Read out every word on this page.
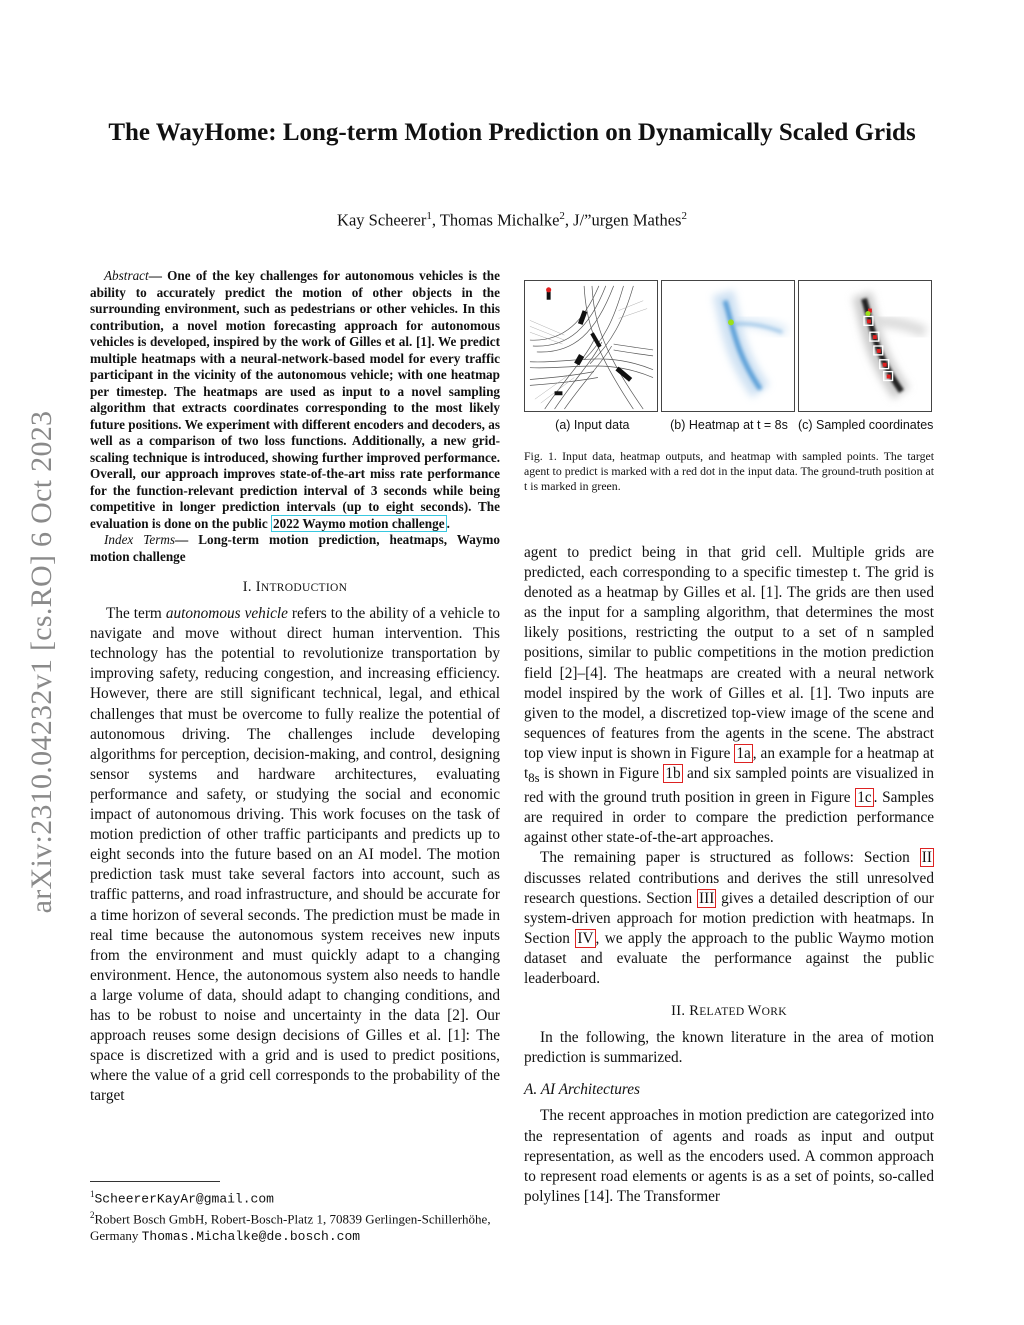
arXiv:2310.04232v1 [cs.RO] 6 Oct 2023
The WayHome: Long-term Motion Prediction on Dynamically Scaled Grids
Kay Scheerer$^1$, Thomas Michalke$^2$, J/”urgen Mathes$^2$

Abstract— One of the key challenges for autonomous vehicles is the ability to accurately predict the motion of other objects in the surrounding environment, such as pedestrians or other vehicles. In this contribution, a novel motion forecasting approach for autonomous vehicles is developed, inspired by the work of Gilles et al. [1]. We predict multiple heatmaps with a neural-network-based model for every traffic participant in the vicinity of the autonomous vehicle; with one heatmap per timestep. The heatmaps are used as input to a novel sampling algorithm that extracts coordinates corresponding to the most likely future positions. We experiment with different encoders and decoders, as well as a comparison of two loss functions. Additionally, a new grid-scaling technique is introduced, showing further improved performance. Overall, our approach improves state-of-the-art miss rate performance for the function-relevant prediction interval of 3 seconds while being competitive in longer prediction intervals (up to eight seconds). The evaluation is done on the public 2022 Waymo motion challenge .

Index Terms— Long-term motion prediction, heatmaps, Waymo motion challenge

I. INTRODUCTION

The term autonomous vehicle refers to the ability of a vehicle to navigate and move without direct human intervention. This technology has the potential to revolutionize transportation by improving safety, reducing congestion, and increasing efficiency. However, there are still significant technical, legal, and ethical challenges that must be overcome to fully realize the potential of autonomous driving. The challenges include developing algorithms for perception, decision-making, and control, designing sensor systems and hardware architectures, evaluating performance and safety, or studying the social and economic impact of autonomous driving. This work focuses on the task of motion prediction of other traffic participants and predicts up to eight seconds into the future based on an AI model. The motion prediction task must take several factors into account, such as traffic patterns, and road infrastructure, and should be accurate for a time horizon of several seconds. The prediction must be made in real time because the autonomous system receives new inputs from the environment and must quickly adapt to a changing environment. Hence, the autonomous system also needs to handle a large volume of data, should adapt to changing conditions, and has to be robust to noise and uncertainty in the data [2]. Our approach reuses some design decisions of Gilles et al. [1]: The space is discretized with a grid and is used to predict positions, where the value of a grid cell corresponds to the probability of the target

$^1$ScheererKayAr@gmail.com
$^2$Robert Bosch GmbH, Robert-Bosch-Platz 1, 70839 Gerlingen-Schillerhöhe, Germany Thomas.Michalke@de.bosch.com
(a) Input data	(b) Heatmap at t = 8s (c) Sampled coordinates
Fig. 1. Input data, heatmap outputs, and heatmap with sampled points. The target agent to predict is marked with a red dot in the input data. The ground-truth position at t is marked in green.

agent to predict being in that grid cell. Multiple grids are predicted, each corresponding to a specific timestep t. The grid is denoted as a heatmap by Gilles et al. [1]. The grids are then used as the input for a sampling algorithm, that determines the most likely positions, restricting the output to a set of n sampled positions, similar to public competitions in the motion prediction field [2]–[4]. The heatmaps are created with a neural network model inspired by the work of Gilles et al. [1]. Two inputs are given to the model, a discretized top-view image of the scene and sequences of features from the agents in the scene. The abstract top view input is shown in Figure 1a , an example for a heatmap at $t_{8s}$ is shown in Figure 1b and six sampled points are visualized in red with the ground truth position in green in Figure 1c . Samples are required in order to compare the prediction performance against other state-of-the-art approaches.

The remaining paper is structured as follows: Section II discusses related contributions and derives the still unresolved research questions. Section III gives a detailed description of our system-driven approach for motion prediction with heatmaps. In Section IV , we apply the approach to the public Waymo motion dataset and evaluate the performance against the public leaderboard.

II. RELATED WORK

In the following, the known literature in the area of motion prediction is summarized.

A. AI Architectures

The recent approaches in motion prediction are categorized into the representation of agents and roads as input and output representation, as well as the encoders used. A common approach to represent road elements or agents is as a set of points, so-called polylines [14]. The Transformer
